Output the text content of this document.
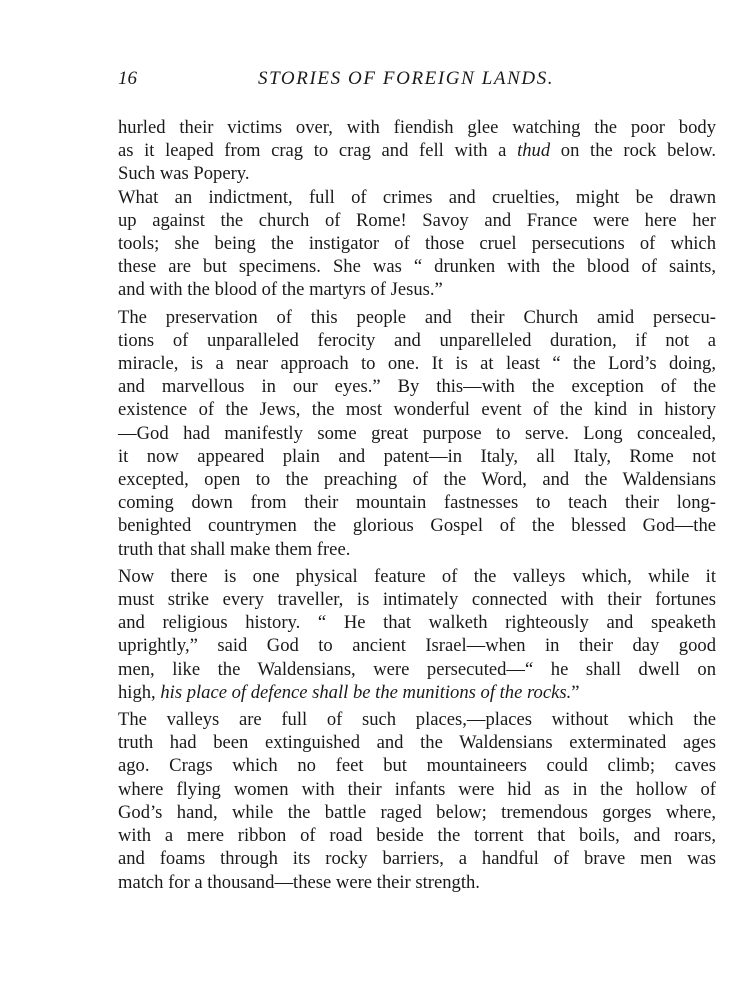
16	STORIES OF FOREIGN LANDS.
hurled their victims over, with fiendish glee watching the poor body
as it leaped from crag to crag and fell with a thud on the rock below.
Such was Popery.
What an indictment, full of crimes and cruelties, might be drawn
up against the church of Rome! Savoy and France were here her
tools; she being the instigator of those cruel persecutions of which
these are but specimens. She was “ drunken with the blood of saints,
and with the blood of the martyrs of Jesus.”
The preservation of this people and their Church amid persecu-
tions of unparalleled ferocity and unparelleled duration, if not a
miracle, is a near approach to one. It is at least “ the Lord’s doing,
and marvellous in our eyes.” By this—with the exception of the
existence of the Jews, the most wonderful event of the kind in history
—God had manifestly some great purpose to serve. Long concealed,
it now appeared plain and patent—in Italy, all Italy, Rome not
excepted, open to the preaching of the Word, and the Waldensians
coming down from their mountain fastnesses to teach their long-
benighted countrymen the glorious Gospel of the blessed God—the
truth that shall make them free.
Now there is one physical feature of the valleys which, while it
must strike every traveller, is intimately connected with their fortunes
and religious history. “ He that walketh righteously and speaketh
uprightly,” said God to ancient Israel—when in their day good
men, like the Waldensians, were persecuted—“ he shall dwell on
high, his place of defence shall be the munitions of the rocks.”
The valleys are full of such places,—places without which the
truth had been extinguished and the Waldensians exterminated ages
ago. Crags which no feet but mountaineers could climb; caves
where flying women with their infants were hid as in the hollow of
God’s hand, while the battle raged below; tremendous gorges where,
with a mere ribbon of road beside the torrent that boils, and roars,
and foams through its rocky barriers, a handful of brave men was
match for a thousand—these were their strength.
